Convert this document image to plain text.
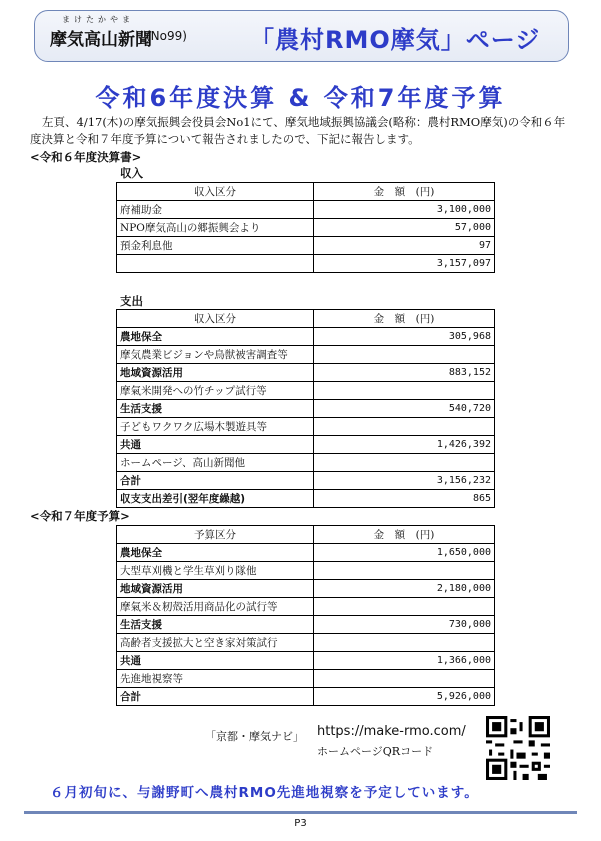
まけたかやま
摩気高山新聞
(No99)	「農村RMO摩気」ページ
令和6年度決算 & 令和7年度予算
左頁、4/17(木)の摩気振興会役員会No1にて、摩気地域振興協議会(略称：農村RMO摩気)の令和６年度決算と令和７年度予算について報告されましたので、下記に報告します。
<令和６年度決算書>
収入
収入区分	金　額　(円)
府補助金	3,100,000
NPO摩気高山の郷振興会より	57,000
預金利息他	97
	3,157,097
支出
収入区分	金　額　(円)
農地保全	305,968
摩気農業ビジョンや鳥獣被害調査等	
地域資源活用	883,152
摩氣米開発への竹チップ試行等	
生活支援	540,720
子どもワクワク広場木製遊具等	
共通	1,426,392
ホームページ、高山新聞他	
合計	3,156,232
収支支出差引(翌年度繰越)	865
<令和７年度予算>
予算区分	金　額　(円)
農地保全	1,650,000
大型草刈機と学生草刈り隊他	
地域資源活用	2,180,000
摩氣米＆籾殻活用商品化の試行等	
生活支援	730,000
高齢者支援拡大と空き家対策試行	
共通	1,366,000
先進地視察等	
合計	5,926,000
「京都・摩気ナビ」 https://make-rmo.com/
ホームページQRコード
６月初旬に、与謝野町へ農村RMO先進地視察を予定しています。
P3
